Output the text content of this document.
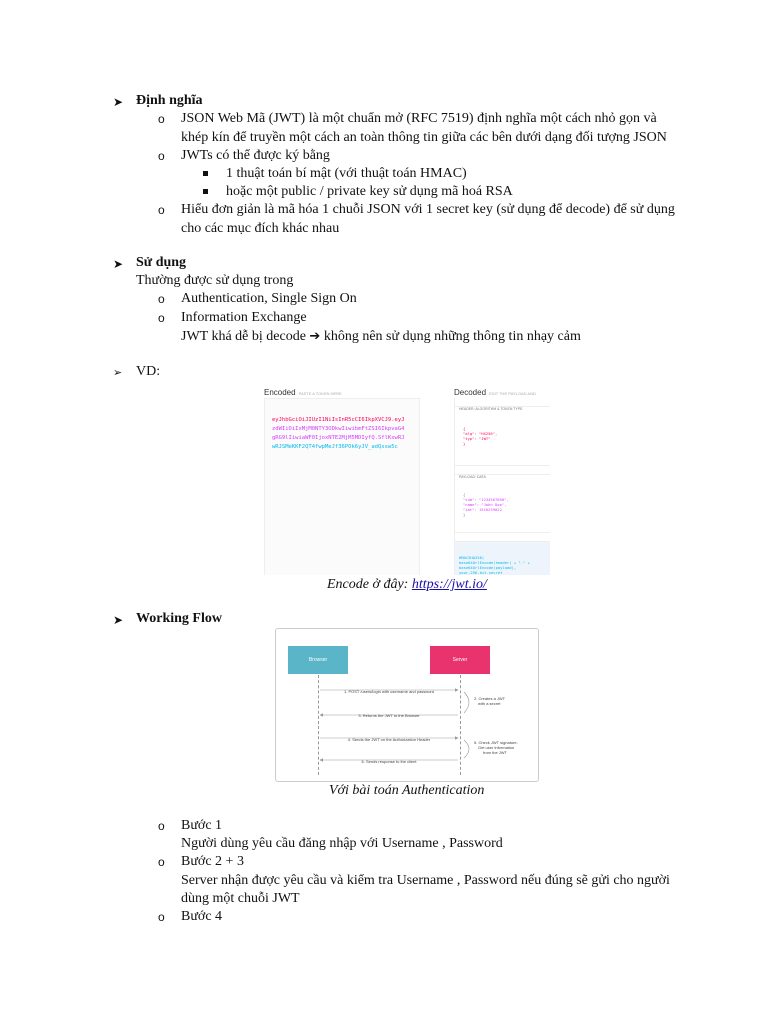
➤ Định nghĩa
o JSON Web Mã (JWT) là một chuẩn mở (RFC 7519) định nghĩa một cách nhỏ gọn và
khép kín để truyền một cách an toàn thông tin giữa các bên dưới dạng đối tượng JSON
o JWTs có thể được ký bằng
1 thuật toán bí mật (với thuật toán HMAC)
hoặc một public / private key sử dụng mã hoá RSA
o Hiểu đơn giản là mã hóa 1 chuỗi JSON với 1 secret key (sử dụng để decode) để sử dụng
cho các mục đích khác nhau
➤ Sử dụng
Thường được sử dụng trong
o Authentication, Single Sign On
o Information Exchange
JWT khá dễ bị decode ➔ không nên sử dụng những thông tin nhạy cảm
➢ VD:
Encoded PASTE A TOKEN HERE	Decoded EDIT THE PAYLOAD AND
eyJhbGciOiJIUzI1NiIsInR5cCI6IkpXVCJ9.eyJ
zdWIiOiIxMjM0NTY3ODkwIiwibmFtZSI6IkpvaG4
gRG9lIiwiaWF0IjoxNTE2MjM5MDIyfQ.SflKxwRJ
wRJSMeKKF2QT4fwpMeJf36POk6yJV_adQssw5c
HEADER: ALGORITHM & TOKEN TYPE
{
"alg": "HS256",
"typ": "JWT"
}
PAYLOAD: DATA
{
"sub": "1234567890",
"name": "John Doe",
"iat": 1516239022
}
HMACSHA256(
base64UrlEncode(header) + "." +
base64UrlEncode(payload),
your-256-bit-secret
Encode ở đây: https://jwt.io/
➤ Working Flow
Browser	Server
1. POST /users/login with username and password
3. Returns the JWT to the Browser
4. Sends the JWT on the Authorization Header
6. Sends response to the client
2. Creates a JWT
with a secret
5. Check JWT signature.
Get user information
from the JWT
Với bài toán Authentication
o Bước 1
Người dùng yêu cầu đăng nhập với Username , Password
o Bước 2 + 3
Server nhận được yêu cầu và kiểm tra Username , Password nếu đúng sẽ gửi cho người
dùng một chuỗi JWT
o Bước 4
